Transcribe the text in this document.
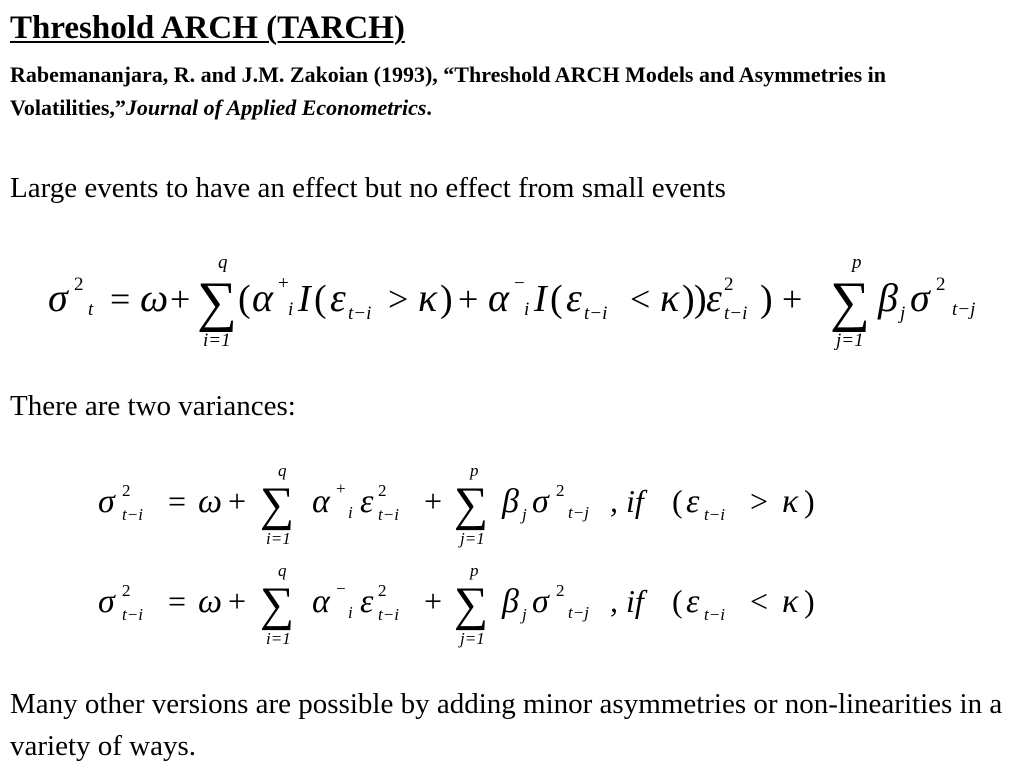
Threshold ARCH (TARCH)
Rabemananjara, R. and J.M. Zakoian (1993), “Threshold ARCH Models and Asymmetries in Volatilities,”Journal of Applied Econometrics.
Large events to have an effect but no effect from small events
σ 2
t = ω +
q
∑
i=1
( α +
i I ( ε t−i > κ ) + α −
i I ( ε t−i < κ ) ) ε 2
t−i ) +
p
∑
j=1
β j σ 2
t−j
There are two variances:
σ 2
t−i = ω +
q
∑
i=1
α +
i ε 2
t−i +
p
∑
j=1
β j σ 2
t−j , if ( ε t−i > κ )
σ 2
t−i = ω +
q
∑
i=1
α −
i ε 2
t−i +
p
∑
j=1
β j σ 2
t−j , if ( ε t−i < κ )
Many other versions are possible by adding minor asymmetries or non-linearities in a variety of ways.
